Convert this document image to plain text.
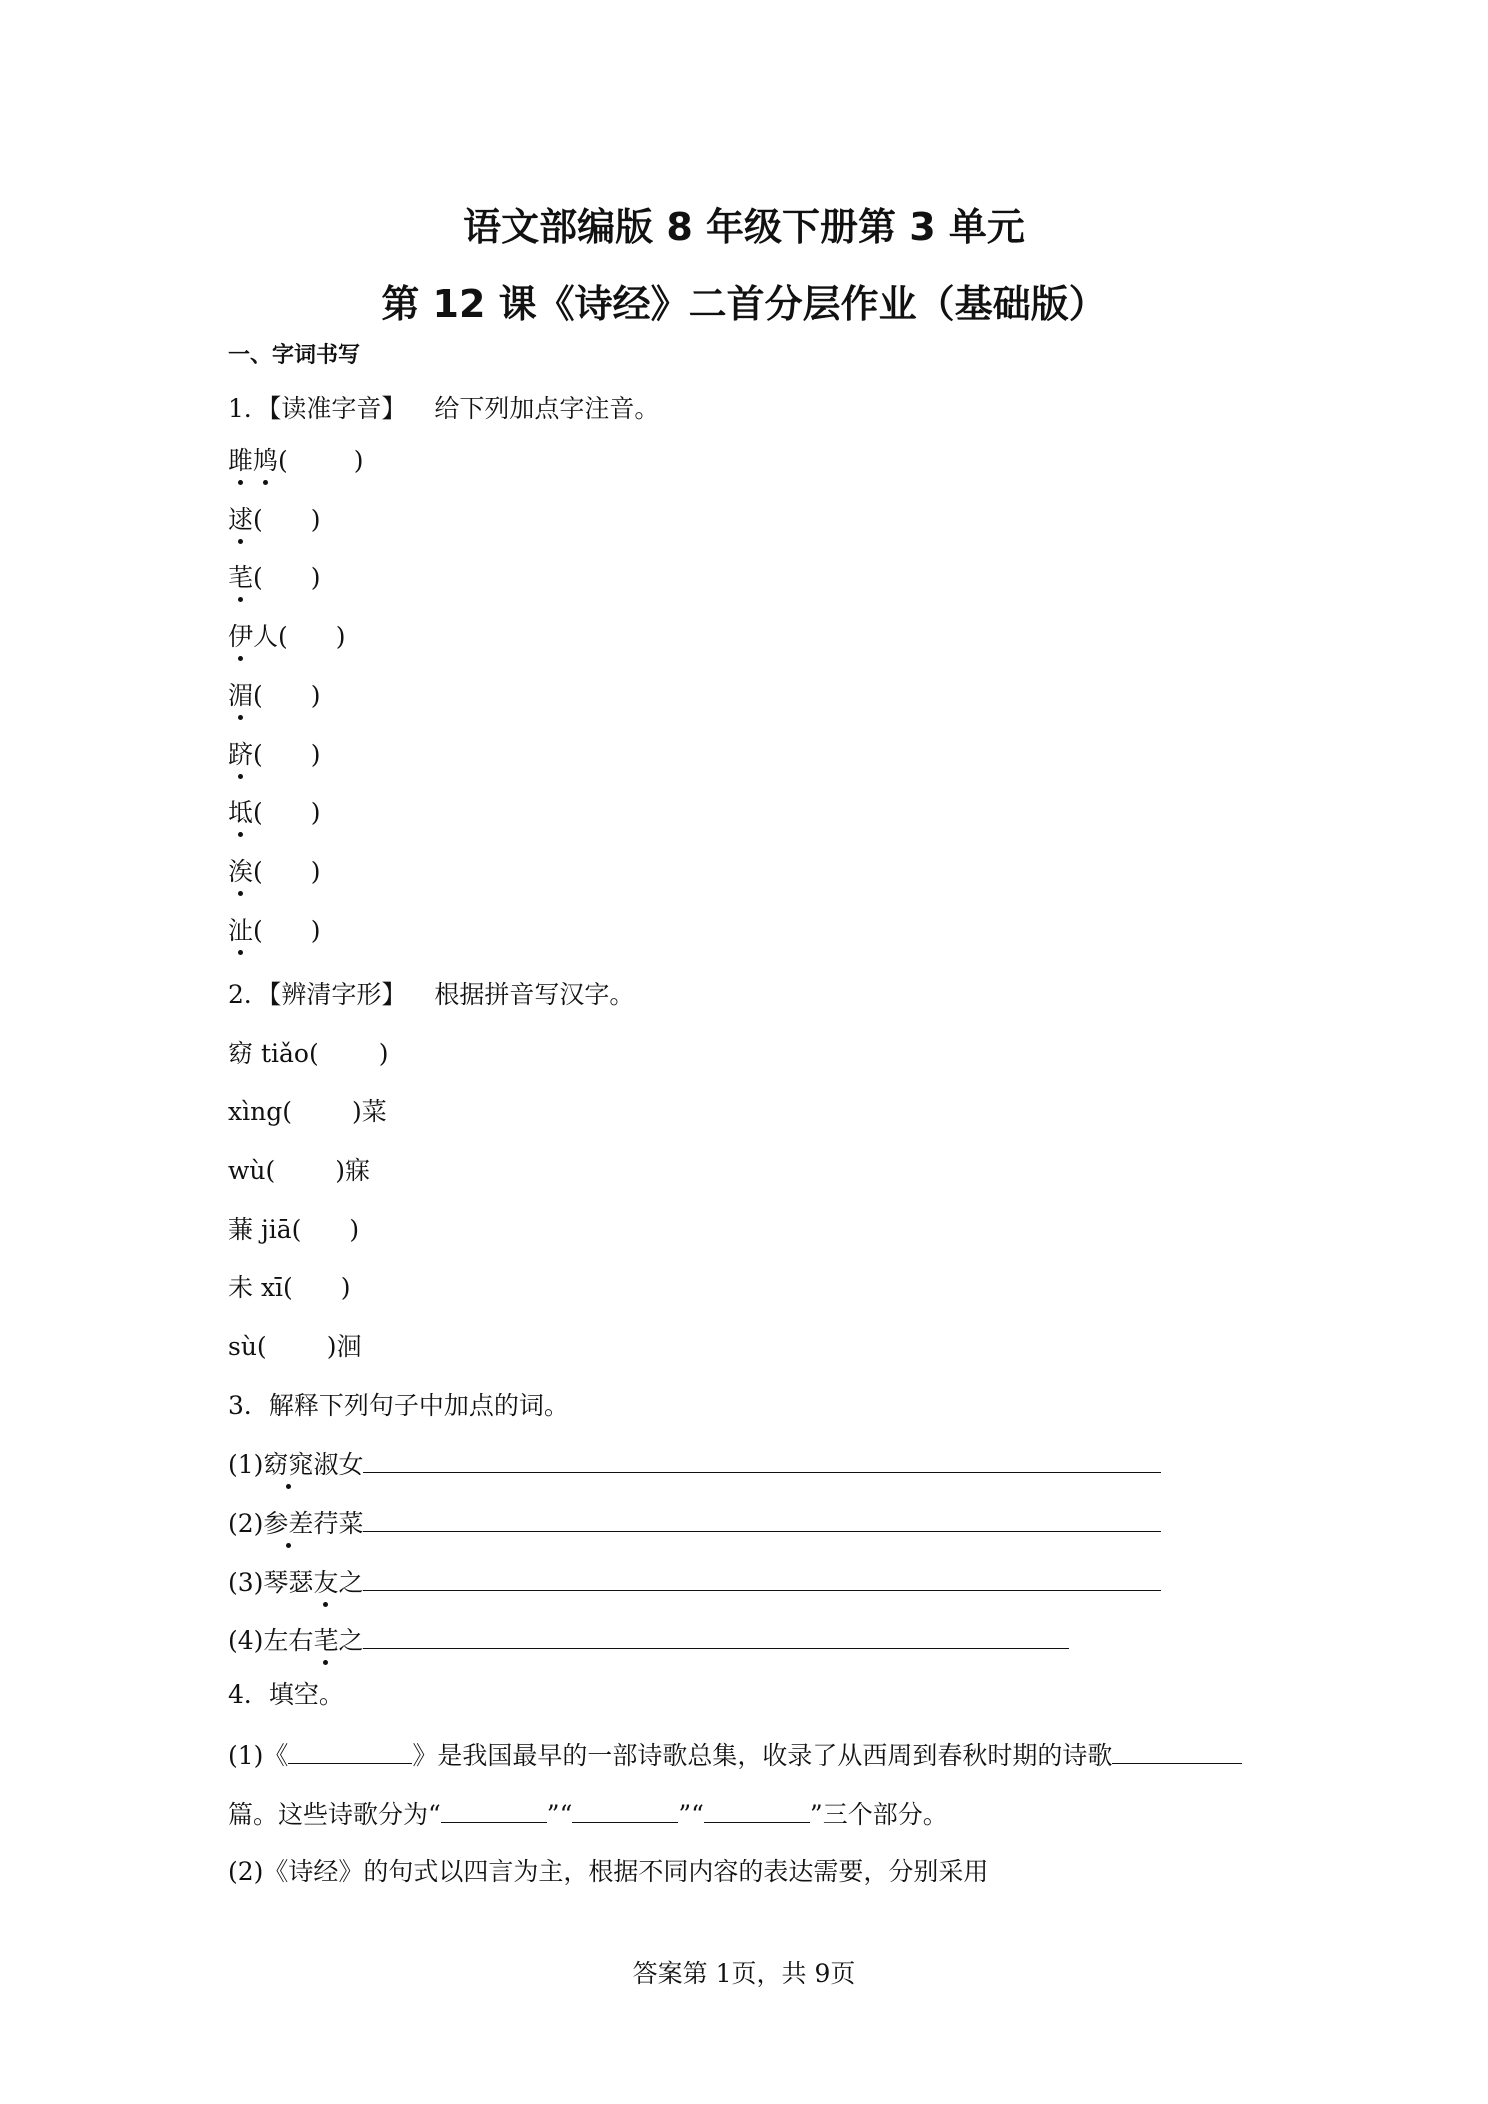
语文部编版 8 年级下册第 3 单元
第 12 课《诗经》二首分层作业（基础版）
一、字词书写
1．【读准字音】 给下列加点字注音。
雎鸠(	)
逑( )
芼( )
伊人( )
湄( )
跻( )
坻( )
涘( )
沚( )
2．【辨清字形】 根据拼音写汉字。
窈 tiǎo( )
xìng( )菜
wù( )寐
蒹 jiā( )
未 xī( )
sù( )洄
3．解释下列句子中加点的词。
(1)窈窕淑女
(2)参差荇菜
(3)琴瑟友之
(4)左右芼之
4．填空。
(1)《	》是我国最早的一部诗歌总集，收录了从西周到春秋时期的诗歌
篇。这些诗歌分为“	”“	”“	”三个部分。
(2)《诗经》的句式以四言为主，根据不同内容的表达需要，分别采用
答案第 1页，共 9页
